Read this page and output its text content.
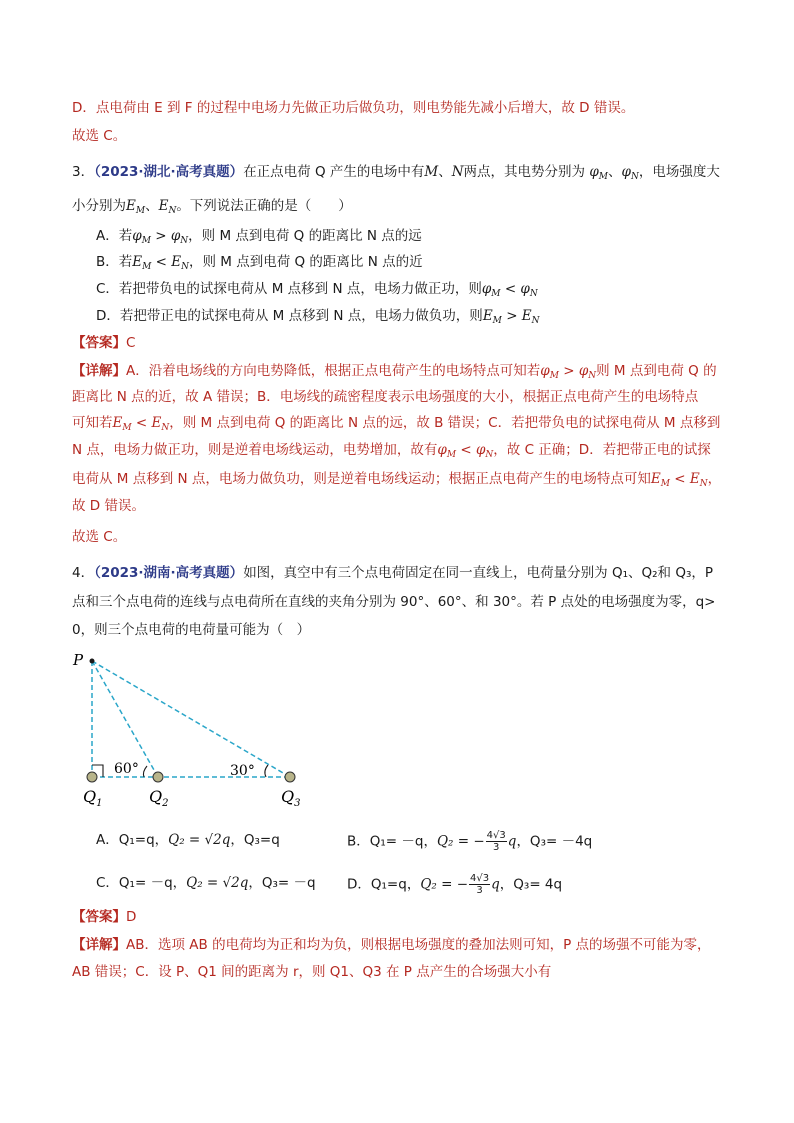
D．点电荷由 E 到 F 的过程中电场力先做正功后做负功，则电势能先减小后增大，故 D 错误。
故选 C。
3．（2023·湖北·高考真题）在正点电荷 Q 产生的电场中有M、N两点，其电势分别为 $\varphi_M$、$\varphi_N$，电场强度大
小分别为$E_M$、$E_N$。下列说法正确的是（　　）
A．若$\varphi_M > \varphi_N$，则 M 点到电荷 Q 的距离比 N 点的远
B．若$E_M < E_N$，则 M 点到电荷 Q 的距离比 N 点的近
C．若把带负电的试探电荷从 M 点移到 N 点，电场力做正功，则$\varphi_M < \varphi_N$
D．若把带正电的试探电荷从 M 点移到 N 点，电场力做负功，则$E_M > E_N$
【答案】C
【详解】A．沿着电场线的方向电势降低，根据正点电荷产生的电场特点可知若$\varphi_M > \varphi_N$则 M 点到电荷 Q 的
距离比 N 点的近，故 A 错误；B．电场线的疏密程度表示电场强度的大小，根据正点电荷产生的电场特点
可知若$E_M < E_N$，则 M 点到电荷 Q 的距离比 N 点的远，故 B 错误；C．若把带负电的试探电荷从 M 点移到
N 点，电场力做正功，则是逆着电场线运动，电势增加，故有$\varphi_M < \varphi_N$，故 C 正确；D．若把带正电的试探
电荷从 M 点移到 N 点，电场力做负功，则是逆着电场线运动；根据正点电荷产生的电场特点可知$E_M < E_N$，
故 D 错误。
故选 C。
4．（2023·湖南·高考真题）如图，真空中有三个点电荷固定在同一直线上，电荷量分别为 Q₁、Q₂和 Q₃，P
点和三个点电荷的连线与点电荷所在直线的夹角分别为 90°、60°、和 30°。若 P 点处的电场强度为零，q>
0，则三个点电荷的电荷量可能为（　）
P
60°	30°
$Q_1$	$Q_2$	$Q_3$
A．Q₁=q，Q₂ = √2q，Q₃=q	B．Q₁= －q，Q₂ = − $\frac{4√3}{3}$ q，Q₃= －4q
C．Q₁= －q，Q₂ = √2q，Q₃= －q D．Q₁=q，Q₂ = − $\frac{4√3}{3}$ q，Q₃= 4q
【答案】D
【详解】AB．选项 AB 的电荷均为正和均为负，则根据电场强度的叠加法则可知，P 点的场强不可能为零，
AB 错误；C．设 P、Q1 间的距离为 r，则 Q1、Q3 在 P 点产生的合场强大小有
